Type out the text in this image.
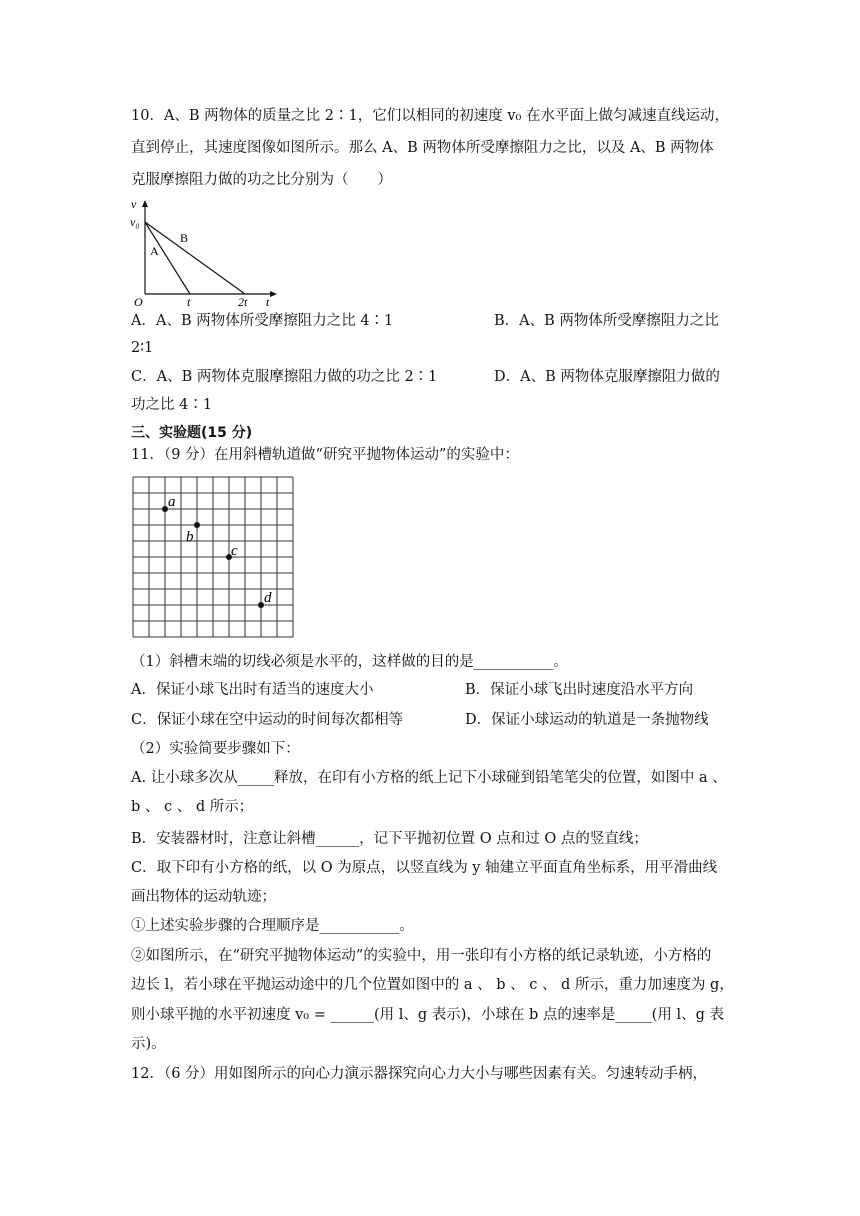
10．A、B 两物体的质量之比 2∶1，它们以相同的初速度 v₀ 在水平面上做匀减速直线运动，
直到停止，其速度图像如图所示。那么 A、B 两物体所受摩擦阻力之比，以及 A、B 两物体
克服摩擦阻力做的功之比分别为（　　）
v
v₀
O	t	2t t
A
B
A．A、B 两物体所受摩擦阻力之比 4∶1	B．A、B 两物体所受摩擦阻力之比
2∶1
C．A、B 两物体克服摩擦阻力做的功之比 2∶1	D．A、B 两物体克服摩擦阻力做的
功之比 4∶1
三、实验题(15 分)
11．（9 分）在用斜槽轨道做“研究平抛物体运动”的实验中：
a
b
c
d
（1）斜槽末端的切线必须是水平的，这样做的目的是___________。
A．保证小球飞出时有适当的速度大小	B．保证小球飞出时速度沿水平方向
C．保证小球在空中运动的时间每次都相等	D．保证小球运动的轨道是一条抛物线
（2）实验简要步骤如下：
A. 让小球多次从_____释放，在印有小方格的纸上记下小球碰到铅笔笔尖的位置，如图中 a 、
b 、 c 、 d 所示；
B．安装器材时，注意让斜槽______，记下平抛初位置 O 点和过 O 点的竖直线；
C．取下印有小方格的纸，以 O 为原点，以竖直线为 y 轴建立平面直角坐标系，用平滑曲线
画出物体的运动轨迹；
①上述实验步骤的合理顺序是___________。
②如图所示，在“研究平抛物体运动”的实验中，用一张印有小方格的纸记录轨迹，小方格的
边长 l，若小球在平抛运动途中的几个位置如图中的 a 、 b 、 c 、 d 所示，重力加速度为 g，
则小球平抛的水平初速度 v₀ = ______(用 l、g 表示)，小球在 b 点的速率是_____(用 l、g 表
示)。
12．（6 分）用如图所示的向心力演示器探究向心力大小与哪些因素有关。匀速转动手柄，
